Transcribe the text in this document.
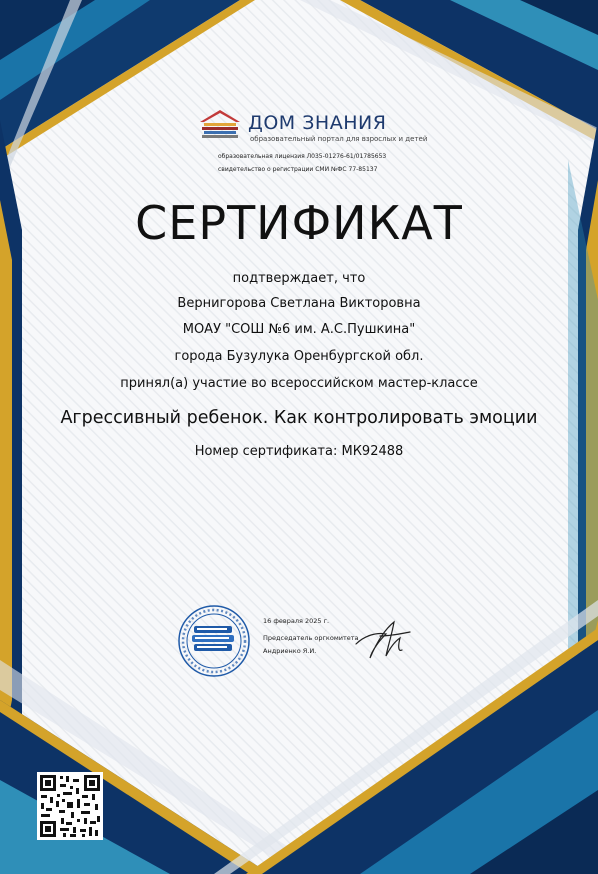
ДОМ ЗНАНИЯ
образовательный портал для взрослых и детей
образовательная лицензия Л035-01276-61/01785653
свидетельство о регистрации СМИ №ФС 77-85137
СЕРТИФИКАТ
подтверждает, что
Вернигорова Светлана Викторовна
МОАУ "СОШ №6 им. А.С.Пушкина"
города Бузулука Оренбургской обл.
принял(а) участие во всероссийском мастер-классе
Агрессивный ребенок. Как контролировать эмоции
Номер сертификата: МК92488
16 февраля 2025 г.
Председатель оргкомитета
Андриенко Я.И.
